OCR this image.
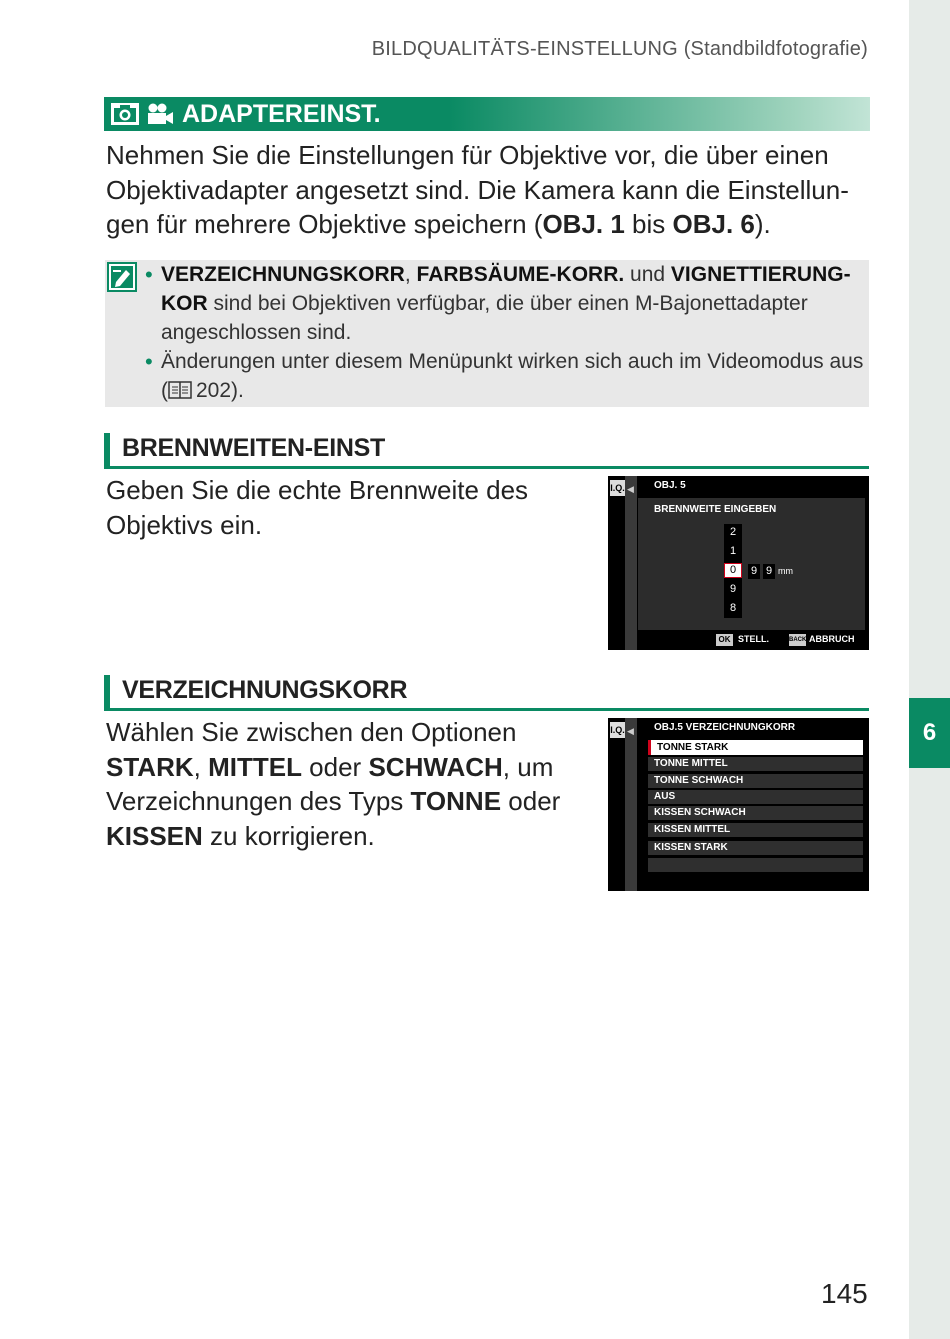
6
BILDQUALITÄTS-EINSTELLUNG (Standbildfotografie)
ADAPTEREINST.
Nehmen Sie die Einstellungen für Objektive vor, die über einen Objektivadapter angesetzt sind. Die Kamera kann die Einstellungen für mehrere Objektive speichern (OBJ. 1 bis OBJ. 6).
• VERZEICHNUNGSKORR, FARBSÄUME-KORR. und VIGNETTIERUNG-KOR sind bei Objektiven verfügbar, die über einen M-Bajonettadapter angeschlossen sind.
• Änderungen unter diesem Menüpunkt wirken sich auch im Videomodus aus ( 202).
BRENNWEITEN-EINST
Geben Sie die echte Brennweite des Objektivs ein.
I.Q. ◀ OBJ. 5
BRENNWEITE EINGEBEN
2
1
0
9
8
9 9 mm
OK STELL.	BACK ABBRUCH
VERZEICHNUNGSKORR
Wählen Sie zwischen den Optionen STARK, MITTEL oder SCHWACH, um Verzeichnungen des Typs TONNE oder KISSEN zu korrigieren.
I.Q. ◀ OBJ.5 VERZEICHNUNGKORR
TONNE STARK
TONNE MITTEL
TONNE SCHWACH
AUS
KISSEN SCHWACH
KISSEN MITTEL
KISSEN STARK
145
